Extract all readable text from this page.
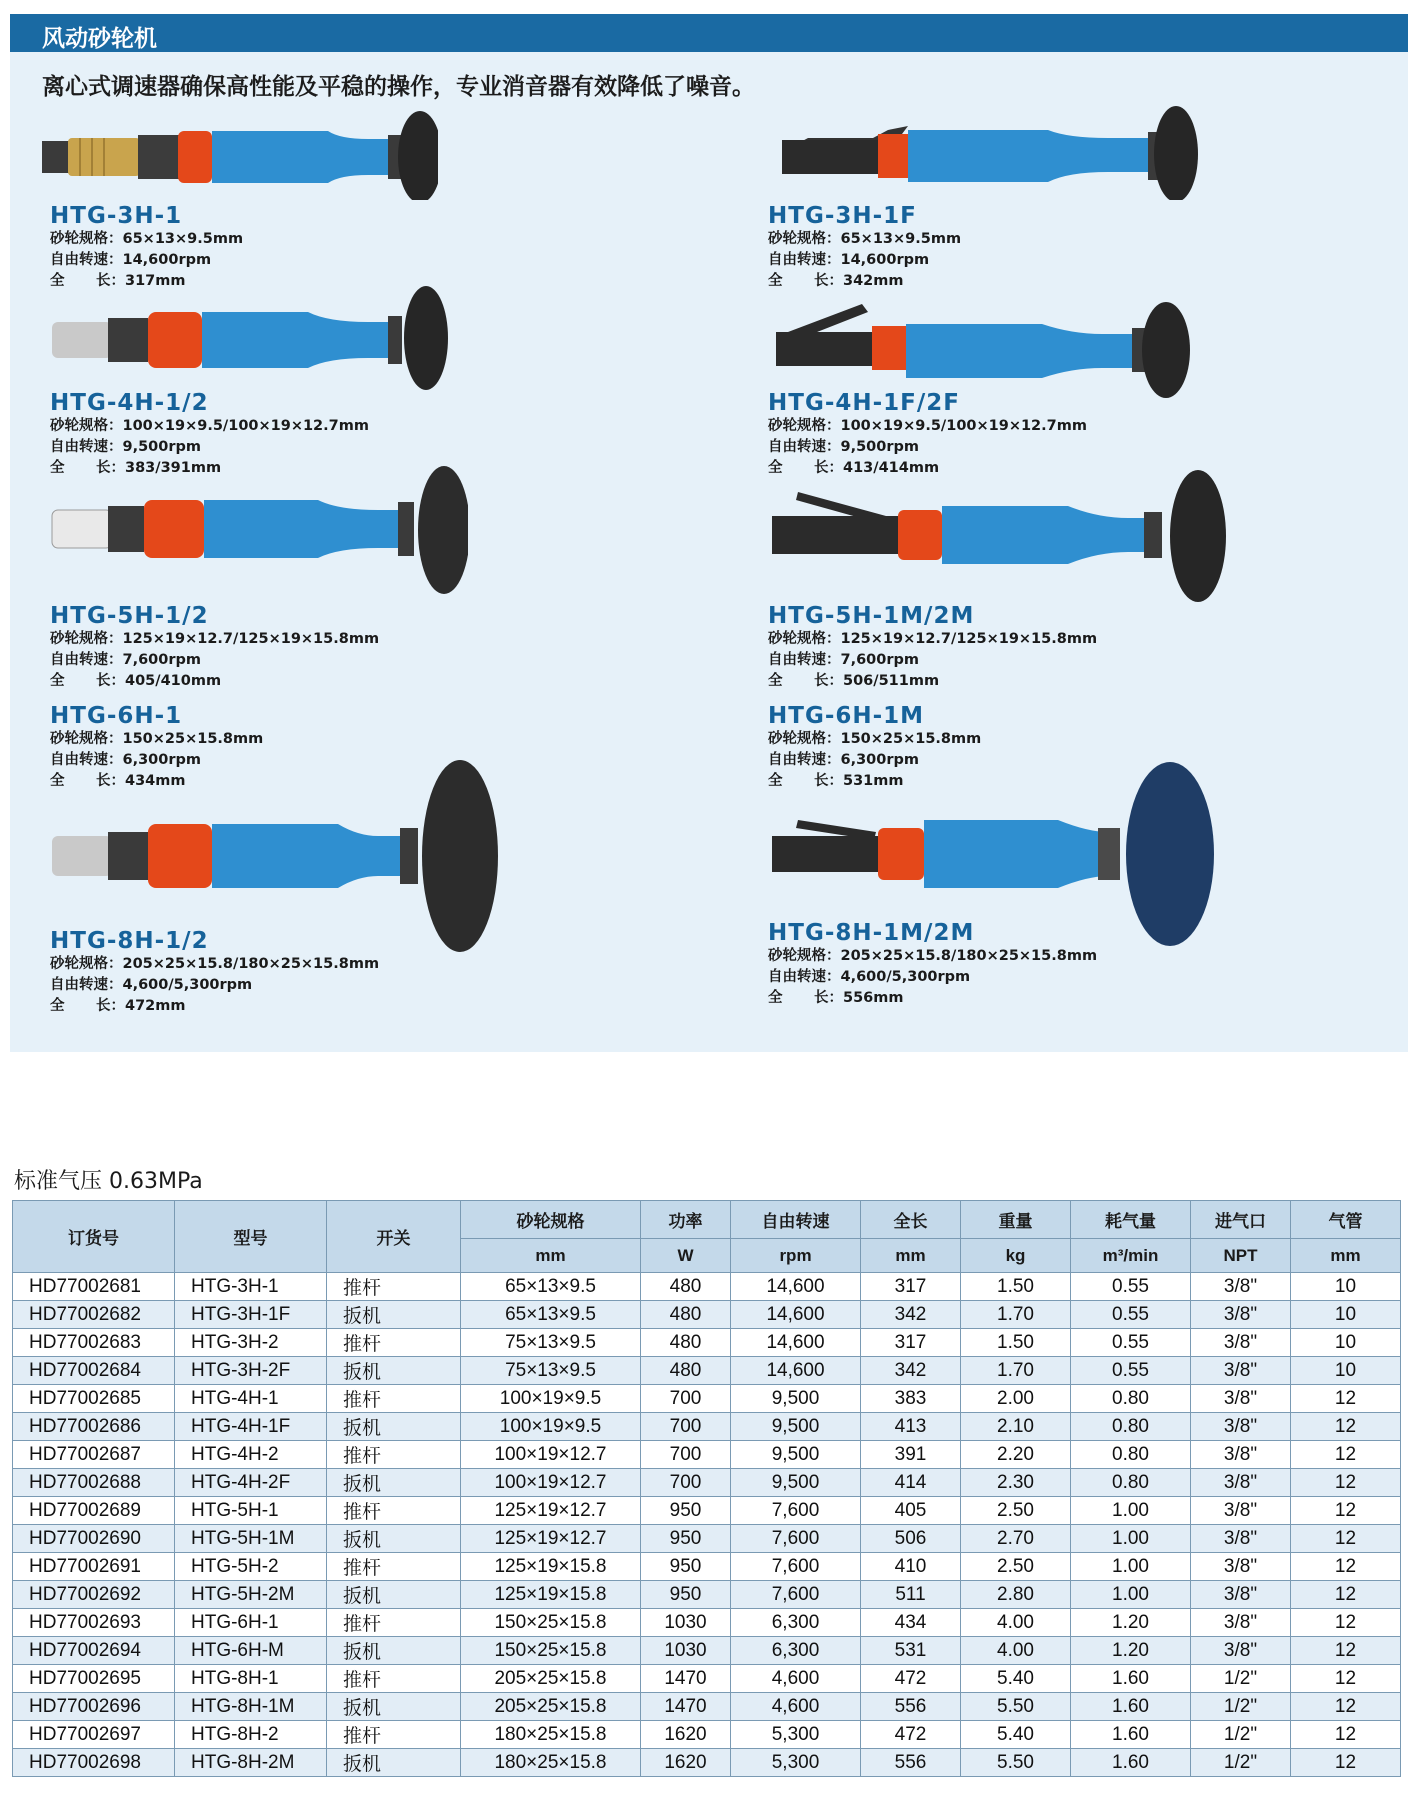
风动砂轮机
离心式调速器确保高性能及平稳的操作，专业消音器有效降低了噪音。
HTG-3H-1
砂轮规格：65×13×9.5mm
自由转速：14,600rpm
全 长：317mm
HTG-3H-1F
砂轮规格：65×13×9.5mm
自由转速：14,600rpm
全 长：342mm
HTG-4H-1/2
砂轮规格：100×19×9.5/100×19×12.7mm
自由转速：9,500rpm
全 长：383/391mm
HTG-4H-1F/2F
砂轮规格：100×19×9.5/100×19×12.7mm
自由转速：9,500rpm
全 长：413/414mm
HTG-5H-1/2
砂轮规格：125×19×12.7/125×19×15.8mm
自由转速：7,600rpm
全 长：405/410mm
HTG-5H-1M/2M
砂轮规格：125×19×12.7/125×19×15.8mm
自由转速：7,600rpm
全 长：506/511mm
HTG-6H-1
砂轮规格：150×25×15.8mm
自由转速：6,300rpm
全 长：434mm
HTG-6H-1M
砂轮规格：150×25×15.8mm
自由转速：6,300rpm
全 长：531mm
HTG-8H-1/2
砂轮规格：205×25×15.8/180×25×15.8mm
自由转速：4,600/5,300rpm
全 长：472mm
HTG-8H-1M/2M
砂轮规格：205×25×15.8/180×25×15.8mm
自由转速：4,600/5,300rpm
全 长：556mm
标准气压 0.63MPa
订货号	型号	开关	砂轮规格	功率	自由转速	全长	重量	耗气量	进气口	气管
			mm	W	rpm	mm	kg	m³/min	NPT	mm
HD77002681	HTG-3H-1	推杆	65×13×9.5	480	14,600	317	1.50	0.55	3/8"	10
HD77002682	HTG-3H-1F	扳机	65×13×9.5	480	14,600	342	1.70	0.55	3/8"	10
HD77002683	HTG-3H-2	推杆	75×13×9.5	480	14,600	317	1.50	0.55	3/8"	10
HD77002684	HTG-3H-2F	扳机	75×13×9.5	480	14,600	342	1.70	0.55	3/8"	10
HD77002685	HTG-4H-1	推杆	100×19×9.5	700	9,500	383	2.00	0.80	3/8"	12
HD77002686	HTG-4H-1F	扳机	100×19×9.5	700	9,500	413	2.10	0.80	3/8"	12
HD77002687	HTG-4H-2	推杆	100×19×12.7	700	9,500	391	2.20	0.80	3/8"	12
HD77002688	HTG-4H-2F	扳机	100×19×12.7	700	9,500	414	2.30	0.80	3/8"	12
HD77002689	HTG-5H-1	推杆	125×19×12.7	950	7,600	405	2.50	1.00	3/8"	12
HD77002690	HTG-5H-1M	扳机	125×19×12.7	950	7,600	506	2.70	1.00	3/8"	12
HD77002691	HTG-5H-2	推杆	125×19×15.8	950	7,600	410	2.50	1.00	3/8"	12
HD77002692	HTG-5H-2M	扳机	125×19×15.8	950	7,600	511	2.80	1.00	3/8"	12
HD77002693	HTG-6H-1	推杆	150×25×15.8	1030	6,300	434	4.00	1.20	3/8"	12
HD77002694	HTG-6H-M	扳机	150×25×15.8	1030	6,300	531	4.00	1.20	3/8"	12
HD77002695	HTG-8H-1	推杆	205×25×15.8	1470	4,600	472	5.40	1.60	1/2"	12
HD77002696	HTG-8H-1M	扳机	205×25×15.8	1470	4,600	556	5.50	1.60	1/2"	12
HD77002697	HTG-8H-2	推杆	180×25×15.8	1620	5,300	472	5.40	1.60	1/2"	12
HD77002698	HTG-8H-2M	扳机	180×25×15.8	1620	5,300	556	5.50	1.60	1/2"	12
